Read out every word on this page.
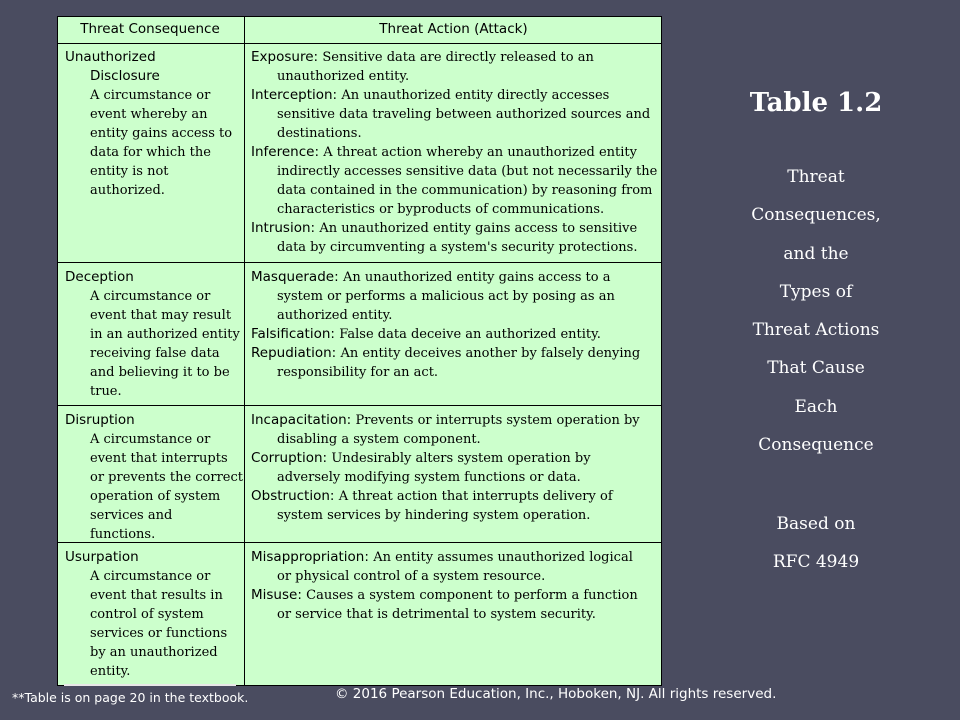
Threat Consequence	Threat Action (Attack)
Unauthorized
Disclosure
A circumstance or
event whereby an
entity gains access to
data for which the
entity is not
authorized.
Exposure: Sensitive data are directly released to an
unauthorized entity.
Interception: An unauthorized entity directly accesses
sensitive data traveling between authorized sources and
destinations.
Inference: A threat action whereby an unauthorized entity
indirectly accesses sensitive data (but not necessarily the
data contained in the communication) by reasoning from
characteristics or byproducts of communications.
Intrusion: An unauthorized entity gains access to sensitive
data by circumventing a system's security protections.
Deception
A circumstance or
event that may result
in an authorized entity
receiving false data
and believing it to be
true.
Masquerade: An unauthorized entity gains access to a
system or performs a malicious act by posing as an
authorized entity.
Falsification: False data deceive an authorized entity.
Repudiation: An entity deceives another by falsely denying
responsibility for an act.
Disruption
A circumstance or
event that interrupts
or prevents the correct
operation of system
services and
functions.
Incapacitation: Prevents or interrupts system operation by
disabling a system component.
Corruption: Undesirably alters system operation by
adversely modifying system functions or data.
Obstruction: A threat action that interrupts delivery of
system services by hindering system operation.
Usurpation
A circumstance or
event that results in
control of system
services or functions
by an unauthorized
entity.
Misappropriation: An entity assumes unauthorized logical
or physical control of a system resource.
Misuse: Causes a system component to perform a function
or service that is detrimental to system security.
Table 1.2
Threat
Consequences,
and the
Types of
Threat Actions
That Cause
Each
Consequence
Based on
RFC 4949
**Table is on page 20 in the textbook.	© 2016 Pearson Education, Inc., Hoboken, NJ. All rights reserved.
